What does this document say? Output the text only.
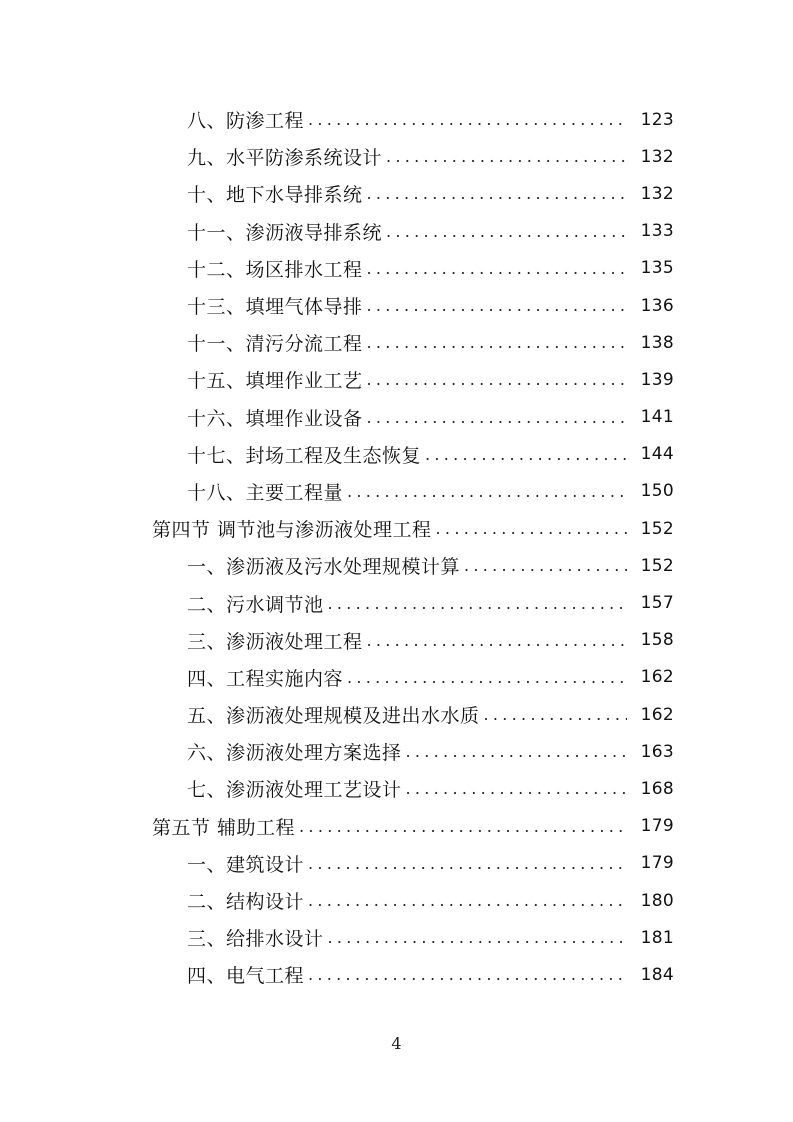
八、防渗工程 .....	123
九、水平防渗系统设计 .....	132
十、地下水导排系统 .....	132
十一、渗沥液导排系统 .....	133
十二、场区排水工程 .....	135
十三、填埋气体导排 .....	136
十一、清污分流工程 .....	138
十五、填埋作业工艺 .....	139
十六、填埋作业设备 .....	141
十七、封场工程及生态恢复 .....	144
十八、主要工程量 .....	150
第四节 调节池与渗沥液处理工程 .....	152
一、渗沥液及污水处理规模计算 .....	152
二、污水调节池 .....	157
三、渗沥液处理工程 .....	158
四、工程实施内容 .....	162
五、渗沥液处理规模及进出水水质 .....	162
六、渗沥液处理方案选择 .....	163
七、渗沥液处理工艺设计 .....	168
第五节 辅助工程 .....	179
一、建筑设计 .....	179
二、结构设计 .....	180
三、给排水设计 .....	181
四、电气工程 .....	184
4
